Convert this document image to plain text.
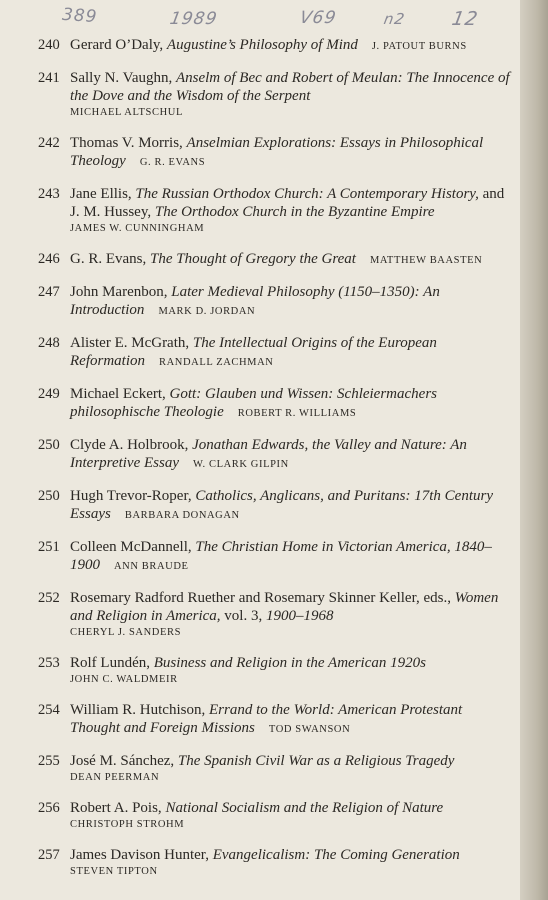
389	1989	V69	n2 12
240 Gerard O’Daly, Augustine’s Philosophy of Mind J. PATOUT BURNS
241 Sally N. Vaughn, Anselm of Bec and Robert of Meulan: The Innocence of the Dove and the Wisdom of the Serpent
MICHAEL ALTSCHUL
242 Thomas V. Morris, Anselmian Explorations: Essays in Philosophical Theology G. R. EVANS
243 Jane Ellis, The Russian Orthodox Church: A Contemporary History, and J. M. Hussey, The Orthodox Church in the Byzantine Empire
JAMES W. CUNNINGHAM
246 G. R. Evans, The Thought of Gregory the Great MATTHEW BAASTEN
247 John Marenbon, Later Medieval Philosophy (1150–1350): An Introduction MARK D. JORDAN
248 Alister E. McGrath, The Intellectual Origins of the European Reformation RANDALL ZACHMAN
249 Michael Eckert, Gott: Glauben und Wissen: Schleiermachers philosophische Theologie ROBERT R. WILLIAMS
250 Clyde A. Holbrook, Jonathan Edwards, the Valley and Nature: An Interpretive Essay W. CLARK GILPIN
250 Hugh Trevor-Roper, Catholics, Anglicans, and Puritans: 17th Century Essays BARBARA DONAGAN
251 Colleen McDannell, The Christian Home in Victorian America, 1840–1900 ANN BRAUDE
252 Rosemary Radford Ruether and Rosemary Skinner Keller, eds., Women and Religion in America, vol. 3, 1900–1968
CHERYL J. SANDERS
253 Rolf Lundén, Business and Religion in the American 1920s
JOHN C. WALDMEIR
254 William R. Hutchison, Errand to the World: American Protestant Thought and Foreign Missions TOD SWANSON
255 José M. Sánchez, The Spanish Civil War as a Religious Tragedy
DEAN PEERMAN
256 Robert A. Pois, National Socialism and the Religion of Nature
CHRISTOPH STROHM
257 James Davison Hunter, Evangelicalism: The Coming Generation
STEVEN TIPTON
